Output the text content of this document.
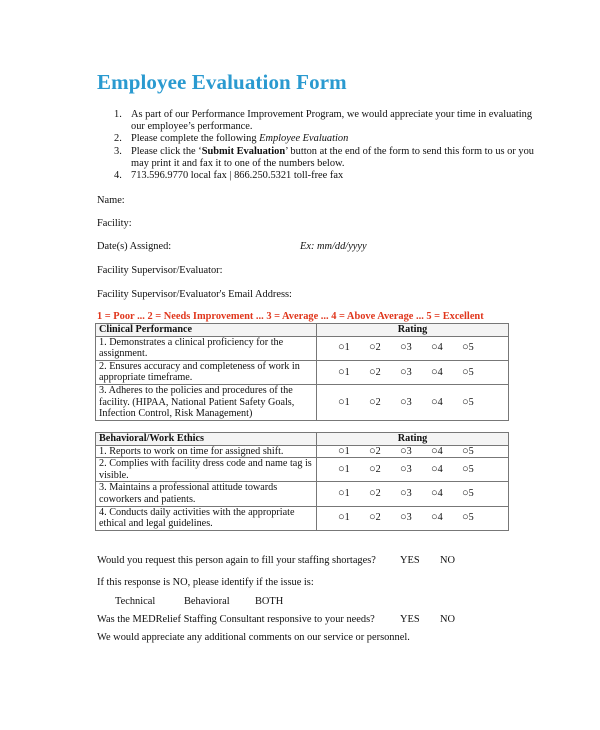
Employee Evaluation Form
1. As part of our Performance Improvement Program, we would appreciate your time in evaluating our employee’s performance.
2. Please complete the following Employee Evaluation
3. Please click the ‘Submit Evaluation’ button at the end of the form to send this form to us or you may print it and fax it to one of the numbers below.
4. 713.596.9770 local fax | 866.250.5321 toll-free fax
Name:
Facility:
Date(s) Assigned:	Ex: mm/dd/yyyy
Facility Supervisor/Evaluator:
Facility Supervisor/Evaluator's Email Address:
1 = Poor ... 2 = Needs Improvement ... 3 = Average ... 4 = Above Average ... 5 = Excellent
Clinical Performance	Rating
1. Demonstrates a clinical proficiency for the assignment.	○1 ○2 ○3 ○4 ○5
2. Ensures accuracy and completeness of work in appropriate timeframe.	○1 ○2 ○3 ○4 ○5
3. Adheres to the policies and procedures of the facility. (HIPAA, National Patient Safety Goals, Infection Control, Risk Management)	○1 ○2 ○3 ○4 ○5
Behavioral/Work Ethics	Rating
1. Reports to work on time for assigned shift.	○1 ○2 ○3 ○4 ○5
2. Complies with facility dress code and name tag is visible.	○1 ○2 ○3 ○4 ○5
3. Maintains a professional attitude towards coworkers and patients.	○1 ○2 ○3 ○4 ○5
4. Conducts daily activities with the appropriate ethical and legal guidelines.	○1 ○2 ○3 ○4 ○5
Would you request this person again to fill your staffing shortages? YES NO
If this response is NO, please identify if the issue is:
Technical	Behavioral BOTH
Was the MEDRelief Staffing Consultant responsive to your needs? YES NO
We would appreciate any additional comments on our service or personnel.
